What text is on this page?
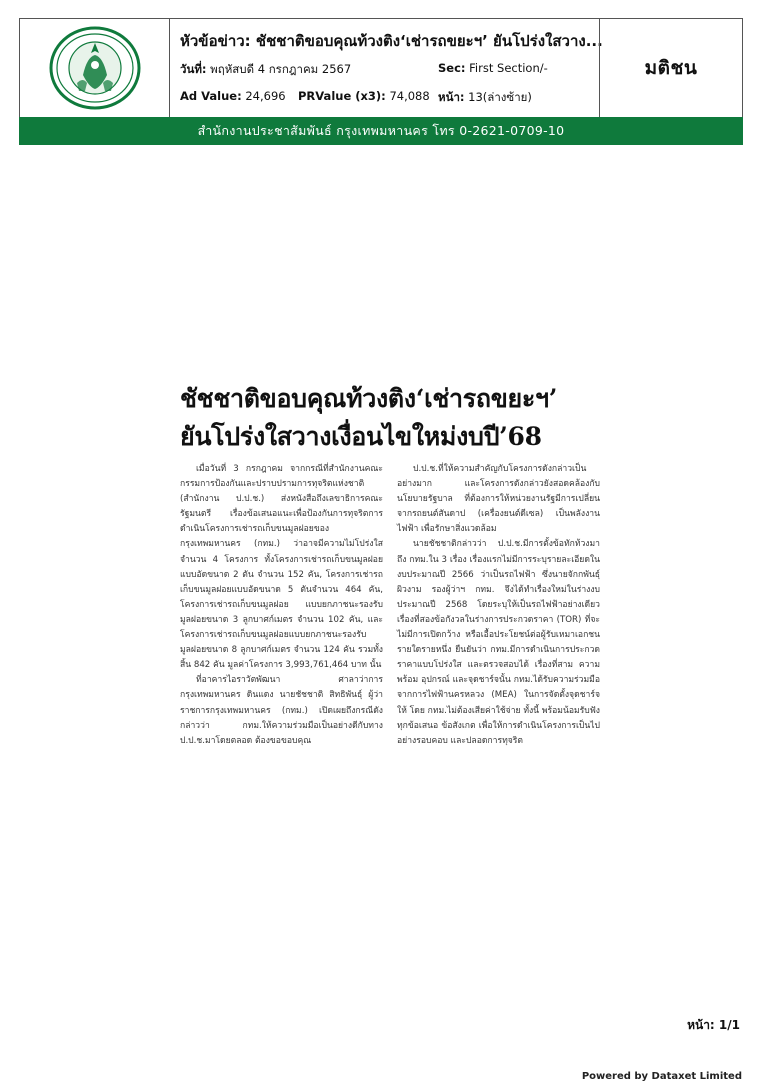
หัวข้อข่าว: ชัชชาติขอบคุณท้วงติง‘เช่ารถขยะฯ’ ยันโปร่งใสวาง...
วันที่: พฤหัสบดี 4 กรกฎาคม 2567	Sec: First Section/-
Ad Value: 24,696 PRValue (x3): 74,088 หน้า: 13(ล่างซ้าย)
มติชน
สำนักงานประชาสัมพันธ์ กรุงเทพมหานคร โทร 0-2621-0709-10
ชัชชาติขอบคุณท้วงติง‘เช่ารถขยะฯ’
ยันโปร่งใสวางเงื่อนไขใหม่งบปี’68

เมื่อวันที่ 3 กรกฎาคม จากกรณีที่สำนักงานคณะกรรมการป้องกันและปราบปรามการทุจริตแห่งชาติ (สำนักงาน ป.ป.ช.) ส่งหนังสือถึงเลขาธิการคณะรัฐมนตรี เรื่องข้อเสนอแนะเพื่อป้องกันการทุจริตการดำเนินโครงการเช่ารถเก็บขนมูลฝอยของกรุงเทพมหานคร (กทม.) ว่าอาจมีความไม่โปร่งใสจำนวน 4 โครงการ ทั้งโครงการเช่ารถเก็บขนมูลฝอยแบบอัดขนาด 2 ตัน จำนวน 152 คัน, โครงการเช่ารถเก็บขนมูลฝอยแบบอัดขนาด 5 ตันจำนวน 464 คัน, โครงการเช่ารถเก็บขนมูลฝอย แบบยกภาชนะรองรับมูลฝอยขนาด 3 ลูกบาศก์เมตร จำนวน 102 คัน, และโครงการเช่ารถเก็บขนมูลฝอยแบบยกภาชนะรองรับมูลฝอยขนาด 8 ลูกบาศก์เมตร จำนวน 124 คัน รวมทั้งสิ้น 842 คัน มูลค่าโครงการ 3,993,761,464 บาท นั้น

ที่อาคารไอราวัตพัฒนา ศาลาว่าการกรุงเทพมหานคร ดินแดง นายชัชชาติ สิทธิพันธุ์ ผู้ว่าราชการกรุงเทพมหานคร (กทม.) เปิดเผยถึงกรณีดังกล่าวว่า กทม.ให้ความร่วมมือเป็นอย่างดีกับทาง ป.ป.ช.มาโดยตลอด ต้องขอขอบคุณ

ป.ป.ช.ที่ให้ความสำคัญกับโครงการดังกล่าวเป็นอย่างมาก และโครงการดังกล่าวยังสอดคล้องกับนโยบายรัฐบาล ที่ต้องการให้หน่วยงานรัฐมีการเปลี่ยนจากรถยนต์สันดาป (เครื่องยนต์ดีเซล) เป็นพลังงานไฟฟ้า เพื่อรักษาสิ่งแวดล้อม

นายชัชชาติกล่าวว่า ป.ป.ช.มีการตั้งข้อทักท้วงมาถึง กทม.ใน 3 เรื่อง เรื่องแรกไม่มีการระบุรายละเอียดในงบประมาณปี 2566 ว่าเป็นรถไฟฟ้า ซึ่งนายจักกพันธุ์ ผิวงาม รองผู้ว่าฯ กทม. จึงได้ทำเรื่องใหม่ในร่างงบประมาณปี 2568 โดยระบุให้เป็นรถไฟฟ้าอย่างเดียว เรื่องที่สองข้อกังวลในร่างการประกวดราคา (TOR) ที่จะไม่มีการเปิดกว้าง หรือเอื้อประโยชน์ต่อผู้รับเหมาเอกชนรายใดรายหนึ่ง ยืนยันว่า กทม.มีการดำเนินการประกวดราคาแบบโปร่งใส และตรวจสอบได้ เรื่องที่สาม ความพร้อม อุปกรณ์ และจุดชาร์จนั้น กทม.ได้รับความร่วมมือจากการไฟฟ้านครหลวง (MEA) ในการจัดตั้งจุดชาร์จให้ โดย กทม.ไม่ต้องเสียค่าใช้จ่าย ทั้งนี้ พร้อมน้อมรับฟังทุกข้อเสนอ ข้อสังเกต เพื่อให้การดำเนินโครงการเป็นไปอย่างรอบคอบ และปลอดการทุจริต

หน้า: 1/1
Powered by Dataxet Limited
